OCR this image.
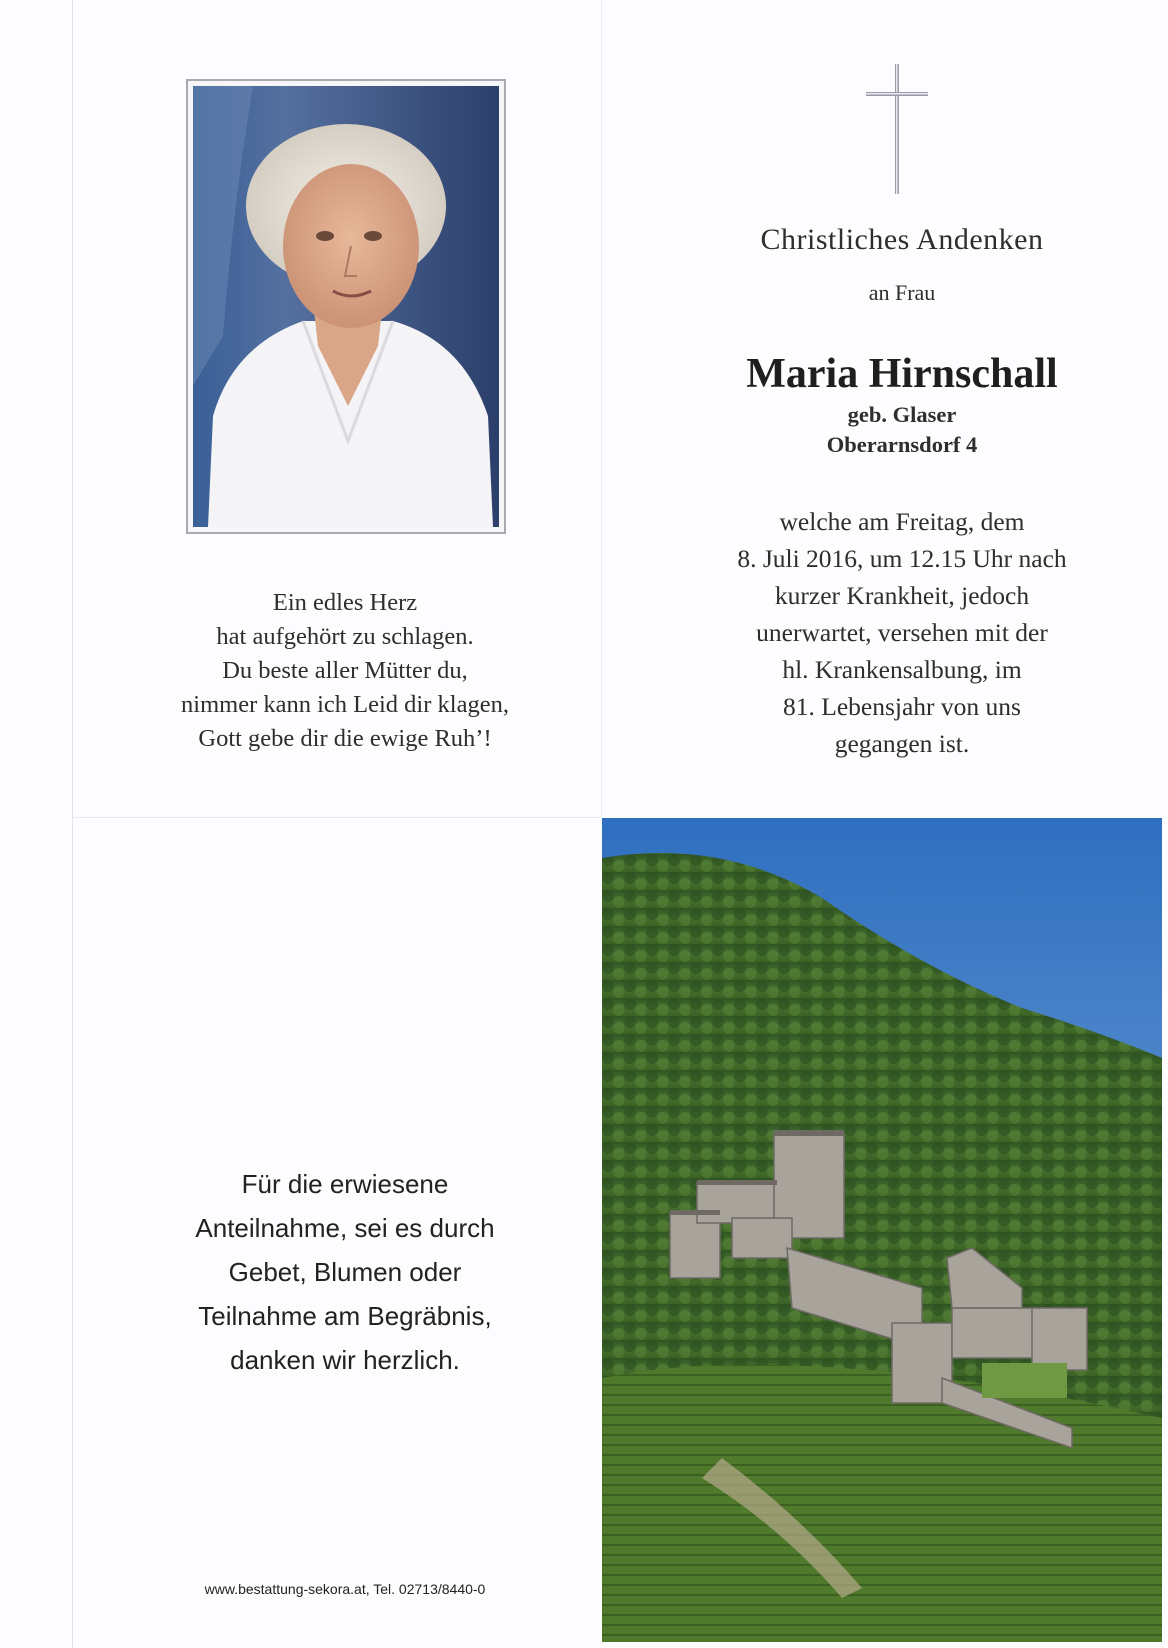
Ein edles Herz
hat aufgehört zu schlagen.
Du beste aller Mütter du,
nimmer kann ich Leid dir klagen,
Gott gebe dir die ewige Ruh’!
Christliches Andenken
an Frau
Maria Hirnschall
geb. Glaser
Oberarnsdorf 4
welche am Freitag, dem
8. Juli 2016, um 12.15 Uhr nach
kurzer Krankheit, jedoch
unerwartet, versehen mit der
hl. Krankensalbung, im
81. Lebensjahr von uns
gegangen ist.
Für die erwiesene
Anteilnahme, sei es durch
Gebet, Blumen oder
Teilnahme am Begräbnis,
danken wir herzlich.
www.bestattung-sekora.at, Tel. 02713/8440-0
